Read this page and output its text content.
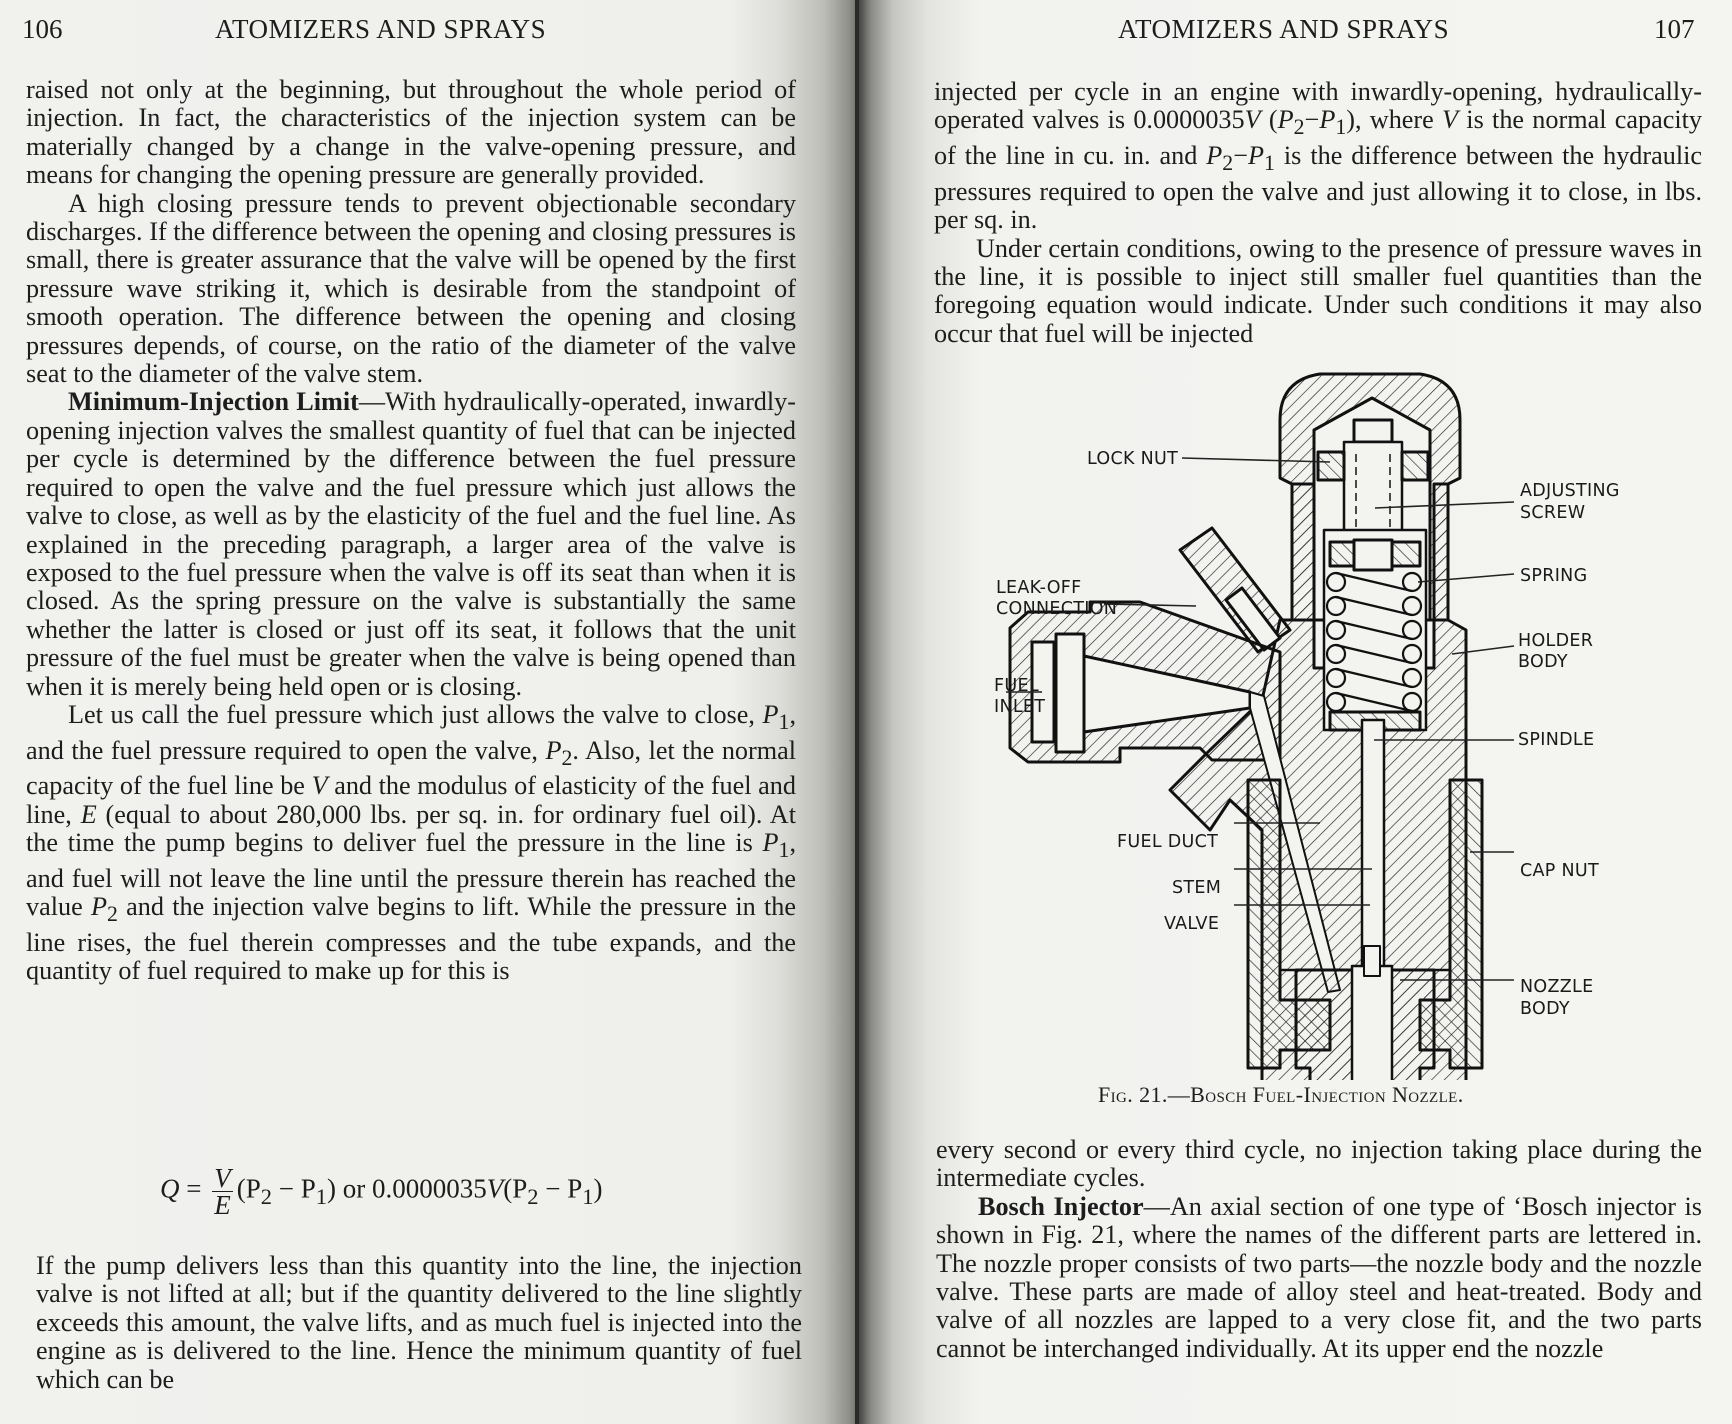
106	ATOMIZERS AND SPRAYS

raised not only at the beginning, but throughout the whole period of injection. In fact, the characteristics of the injection system can be materially changed by a change in the valve-opening pressure, and means for changing the opening pressure are generally provided.

A high closing pressure tends to prevent objectionable secondary discharges. If the difference between the opening and closing pressures is small, there is greater assurance that the valve will be opened by the first pressure wave striking it, which is desirable from the standpoint of smooth operation. The difference between the opening and closing pressures depends, of course, on the ratio of the diameter of the valve seat to the diameter of the valve stem.

Minimum-Injection Limit—With hydraulically-operated, inwardly-opening injection valves the smallest quantity of fuel that can be injected per cycle is determined by the difference between the fuel pressure required to open the valve and the fuel pressure which just allows the valve to close, as well as by the elasticity of the fuel and the fuel line. As explained in the preceding paragraph, a larger area of the valve is exposed to the fuel pressure when the valve is off its seat than when it is closed. As the spring pressure on the valve is substantially the same whether the latter is closed or just off its seat, it follows that the unit pressure of the fuel must be greater when the valve is being opened than when it is merely being held open or is closing.

Let us call the fuel pressure which just allows the valve to close, $P_1$, and the fuel pressure required to open the valve, $P_2$. Also, let the normal capacity of the fuel line be V and the modulus of elasticity of the fuel and line, E (equal to about 280,000 lbs. per sq. in. for ordinary fuel oil). At the time the pump begins to deliver fuel the pressure in the line is $P_1$, and fuel will not leave the line until the pressure therein has reached the value $P_2$ and the injection valve begins to lift. While the pressure in the line rises, the fuel therein compresses and the tube expands, and the quantity of fuel required to make up for this is

$Q = \frac{V}{E} (P_2 - P_1)$ or $0.0000035V(P_2 - P_1)$

If the pump delivers less than this quantity into the line, the injection valve is not lifted at all; but if the quantity delivered to the line slightly exceeds this amount, the valve lifts, and as much fuel is injected into the engine as is delivered to the line. Hence the minimum quantity of fuel which can be

ATOMIZERS AND SPRAYS	107

injected per cycle in an engine with inwardly-opening, hydraulically-operated valves is 0.0000035V $(P_2-P_1)$, where V is the normal capacity of the line in cu. in. and $P_2-P_1$ is the difference between the hydraulic pressures required to open the valve and just allowing it to close, in lbs. per sq. in.

Under certain conditions, owing to the presence of pressure waves in the line, it is possible to inject still smaller fuel quantities than the foregoing equation would indicate. Under such conditions it may also occur that fuel will be injected

LOCK NUT
ADJUSTING
SCREW
SPRING
LEAK-OFF
CONNECTION
HOLDER
BODY
FUEL
INLET
SPINDLE
FUEL DUCT
CAP NUT
STEM
VALVE
NOZZLE
BODY
Fig. 21.—Bosch Fuel-Injection Nozzle.

every second or every third cycle, no injection taking place during the intermediate cycles.

Bosch Injector—An axial section of one type of ‘Bosch injector is shown in Fig. 21, where the names of the different parts are lettered in. The nozzle proper consists of two parts—the nozzle body and the nozzle valve. These parts are made of alloy steel and heat-treated. Body and valve of all nozzles are lapped to a very close fit, and the two parts cannot be interchanged individually. At its upper end the nozzle
